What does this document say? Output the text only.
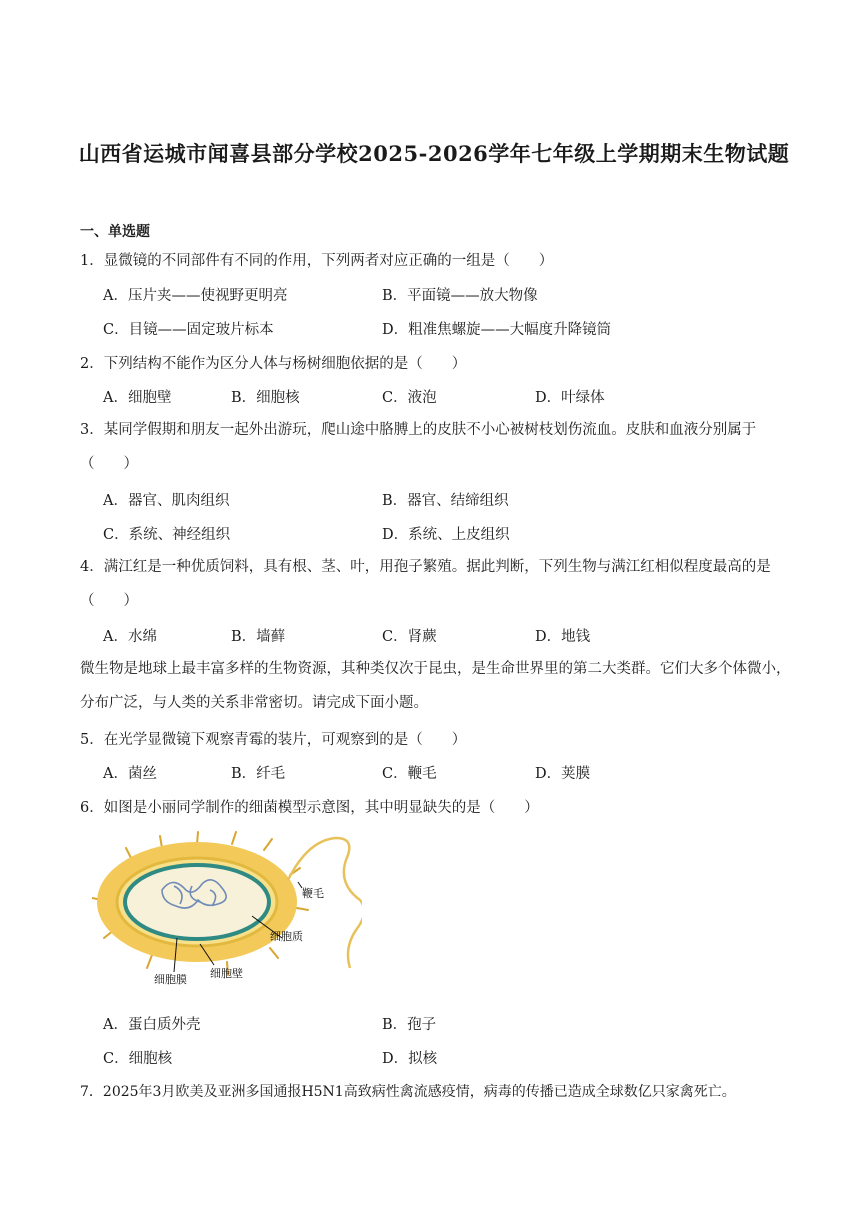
山西省运城市闻喜县部分学校2025-2026学年七年级上学期期末生物试题
一、单选题
1．显微镜的不同部件有不同的作用，下列两者对应正确的一组是（　　）
A．压片夹——使视野更明亮	B．平面镜——放大物像
C．目镜——固定玻片标本	D．粗准焦螺旋——大幅度升降镜筒
2．下列结构不能作为区分人体与杨树细胞依据的是（　　）
A．细胞壁	B．细胞核	C．液泡	D．叶绿体
3．某同学假期和朋友一起外出游玩，爬山途中胳膊上的皮肤不小心被树枝划伤流血。皮肤和血液分别属于（　　）
A．器官、肌肉组织	B．器官、结缔组织
C．系统、神经组织	D．系统、上皮组织
4．满江红是一种优质饲料，具有根、茎、叶，用孢子繁殖。据此判断，下列生物与满江红相似程度最高的是（　　）
A．水绵	B．墙藓	C．肾蕨	D．地钱
微生物是地球上最丰富多样的生物资源，其种类仅次于昆虫，是生命世界里的第二大类群。它们大多个体微小，分布广泛，与人类的关系非常密切。请完成下面小题。
5．在光学显微镜下观察青霉的装片，可观察到的是（　　）
A．菌丝	B．纤毛	C．鞭毛	D．荚膜
6．如图是小丽同学制作的细菌模型示意图，其中明显缺失的是（　　）
鞭毛
细胞质
细胞膜 细胞壁
A．蛋白质外壳	B．孢子
C．细胞核	D．拟核
7．2025年3月欧美及亚洲多国通报H5N1高致病性禽流感疫情，病毒的传播已造成全球数亿只家禽死亡。
